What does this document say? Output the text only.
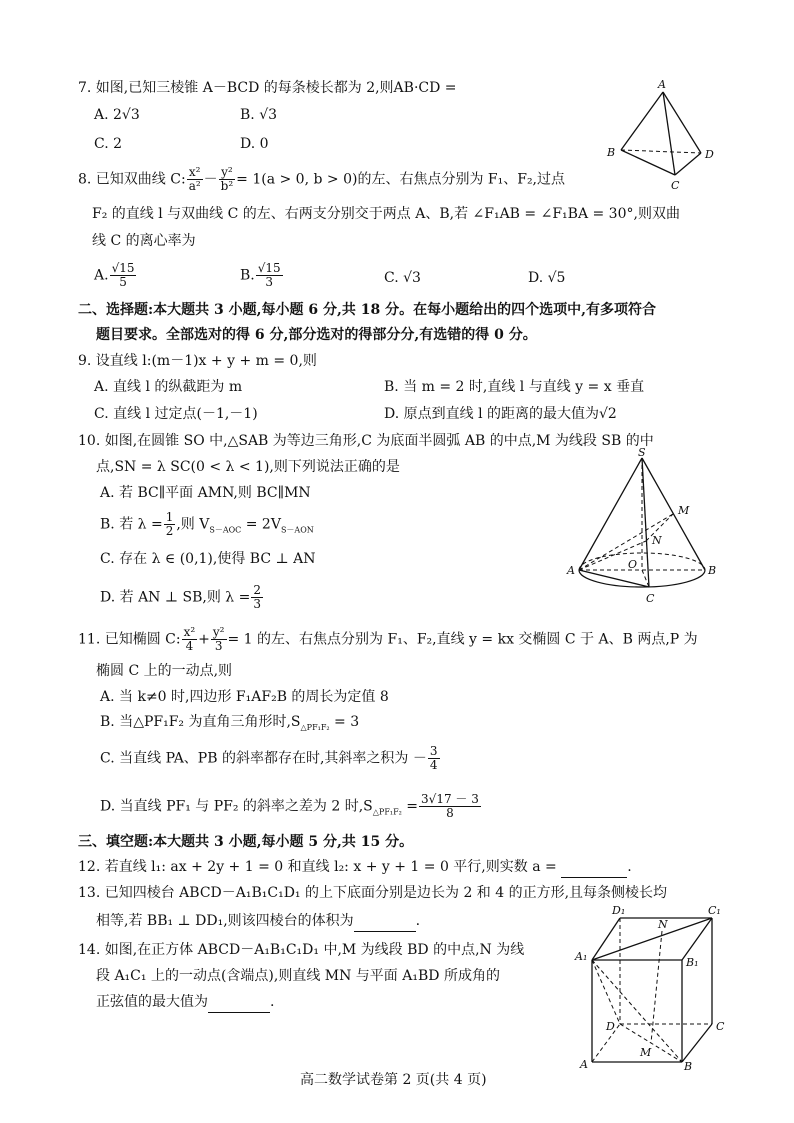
7. 如图,已知三棱锥 A－BCD 的每条棱长都为 2,则AB·CD =
A. 2√3	B. √3
C. 2	D. 0
A
B
C
D
8. 已知双曲线 C: $\frac{\text{x²}}{\text{a²}} - \frac{\text{y²}}{\text{b²}} = 1(a > 0$, b > 0)的左、右焦点分别为 F₁、F₂,过点
F₂ 的直线 l 与双曲线 C 的左、右两支分别交于两点 A、B,若 ∠F₁AB = ∠F₁BA = 30°,则双曲
线 C 的离心率为
A. $\frac{√15}{5}$	B. $\frac{√15}{3}$	C. √3	D. √5
二、选择题:本大题共 3 小题,每小题 6 分,共 18 分。在每小题给出的四个选项中,有多项符合
题目要求。全部选对的得 6 分,部分选对的得部分分,有选错的得 0 分。
9. 设直线 l:(m－1)x + y + m = 0,则
A. 直线 l 的纵截距为 m	B. 当 m = 2 时,直线 l 与直线 y = x 垂直
C. 直线 l 过定点(－1,－1)	D. 原点到直线 l 的距离的最大值为√2
10. 如图,在圆锥 SO 中,△SAB 为等边三角形,C 为底面半圆弧 AB 的中点,M 为线段 SB 的中
点,SN = λ SC(0 < λ < 1),则下列说法正确的是
A. 若 BC∥平面 AMN,则 BC∥MN
B. 若 $\lambda = \frac{1}{2}$ ,则 $V_{S-AOC} = 2V_{S-AON}$
C. 存在 λ ∈ (0,1),使得 BC ⊥ AN
D. 若 AN ⊥ SB,则 $\lambda = \frac{2}{3}$
S
M
N
O
A	B
C
11. 已知椭圆 C: $\frac{\text{x²}}{4} + \frac{\text{y²}}{3} = 1$ 的左、右焦点分别为 F₁、F₂,直线 y = kx 交椭圆 C 于 A、B 两点,P 为
椭圆 C 上的一动点,则
A. 当 k≠0 时,四边形 F₁AF₂B 的周长为定值 8
B. 当△PF₁F₂ 为直角三角形时$,S_{\triangle PF_1F_2} = 3$
C. 当直线 PA、PB 的斜率都存在时,其斜率之积为 － $\frac{3}{4}$
D. 当直线 PF₁ 与 PF₂ 的斜率之差为 2 时$,S_{\triangle PF_1F_2} = \frac{3√17 - 3}{8}$
三、填空题:本大题共 3 小题,每小题 5 分,共 15 分。
12. 若直线 l₁: ax + 2y + 1 = 0 和直线 l₂: x + y + 1 = 0 平行,则实数 a =	.
13. 已知四棱台 ABCD－A₁B₁C₁D₁ 的上下底面分别是边长为 2 和 4 的正方形,且每条侧棱长均
相等,若 BB₁ ⊥ DD₁,则该四棱台的体积为	.
14. 如图,在正方体 ABCD－A₁B₁C₁D₁ 中,M 为线段 BD 的中点,N 为线
段 A₁C₁ 上的一动点(含端点),则直线 MN 与平面 A₁BD 所成角的
正弦值的最大值为	.
D₁	C₁
N
A₁	B₁
D	C
M
A	B
高二数学试卷第 2 页(共 4 页)
